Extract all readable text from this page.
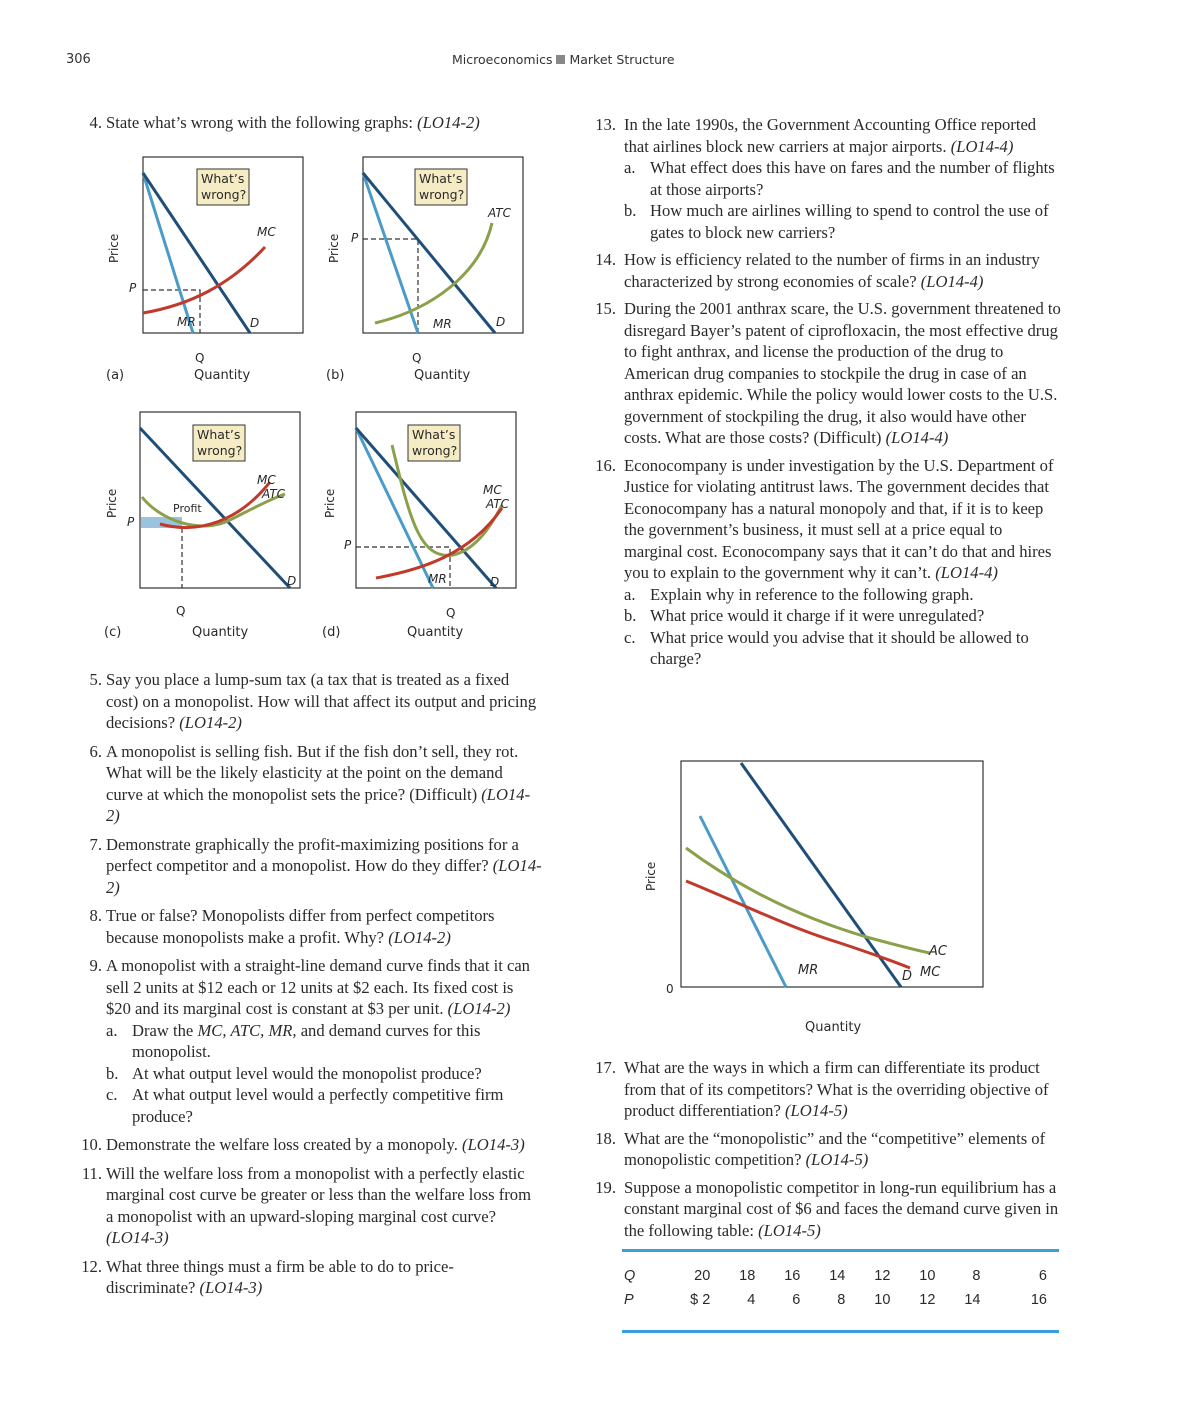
306	Microeconomics Market Structure

4. State what’s wrong with the following graphs: (LO14-2)

What’s
wrong?
MC
MR	D
P
Q
Price
Quantity
(a)
What’s
wrong?
ATC
MR	D
P
Q
Price
Quantity
(b)
What’s
wrong?
MC
ATC
Profit
D
P
Q
Price
Quantity
(c)
What’s
wrong?
MC
ATC
MR	D
P
Q
Price
Quantity
(d)

5. Say you place a lump-sum tax (a tax that is treated as a fixed cost) on a monopolist. How will that affect its output and pricing decisions? (LO14-2)

6. A monopolist is selling fish. But if the fish don’t sell, they rot. What will be the likely elasticity at the point on the demand curve at which the monopolist sets the price? (Difficult) (LO14-2)

7. Demonstrate graphically the profit-maximizing positions for a perfect competitor and a monopolist. How do they differ? (LO14-2)

8. True or false? Monopolists differ from perfect competitors because monopolists make a profit. Why? (LO14-2)

9. A monopolist with a straight-line demand curve finds that it can sell 2 units at $12 each or 12 units at $2 each. Its fixed cost is $20 and its marginal cost is constant at $3 per unit. (LO14-2)

a. Draw the MC, ATC, MR, and demand curves for this monopolist.

b. At what output level would the monopolist produce?

c. At what output level would a perfectly competitive firm produce?

10. Demonstrate the welfare loss created by a monopoly. (LO14-3)

11. Will the welfare loss from a monopolist with a perfectly elastic marginal cost curve be greater or less than the welfare loss from a monopolist with an upward-sloping marginal cost curve? (LO14-3)

12. What three things must a firm be able to do to price-discriminate? (LO14-3)

13. In the late 1990s, the Government Accounting Office reported that airlines block new carriers at major airports. (LO14-4)

a. What effect does this have on fares and the number of flights at those airports?

b. How much are airlines willing to spend to control the use of gates to block new carriers?

14. How is efficiency related to the number of firms in an industry characterized by strong economies of scale? (LO14-4)

15. During the 2001 anthrax scare, the U.S. government threatened to disregard Bayer’s patent of ciprofloxacin, the most effective drug to fight anthrax, and license the production of the drug to American drug companies to stockpile the drug in case of an anthrax epidemic. While the policy would lower costs to the U.S. government of stockpiling the drug, it also would have other costs. What are those costs? (Difficult) (LO14-4)

16. Econocompany is under investigation by the U.S. Department of Justice for violating antitrust laws. The government decides that Econocompany has a natural monopoly and that, if it is to keep the government’s business, it must sell at a price equal to marginal cost. Econocompany says that it can’t do that and hires you to explain to the government why it can’t. (LO14-4)

a. Explain why in reference to the following graph.

b. What price would it charge if it were unregulated?

c. What price would you advise that it should be allowed to charge?

AC
MC
D
MR
0
Price
Quantity

17. What are the ways in which a firm can differentiate its product from that of its competitors? What is the overriding objective of product differentiation? (LO14-5)

18. What are the “monopolistic” and the “competitive” elements of monopolistic competition? (LO14-5)

19. Suppose a monopolistic competitor in long-run equilibrium has a constant marginal cost of $6 and faces the demand curve given in the following table: (LO14-5)

Q	20	18	16	14	12	10	8	6
P	$ 2	4	6	8	10	12	14	16
